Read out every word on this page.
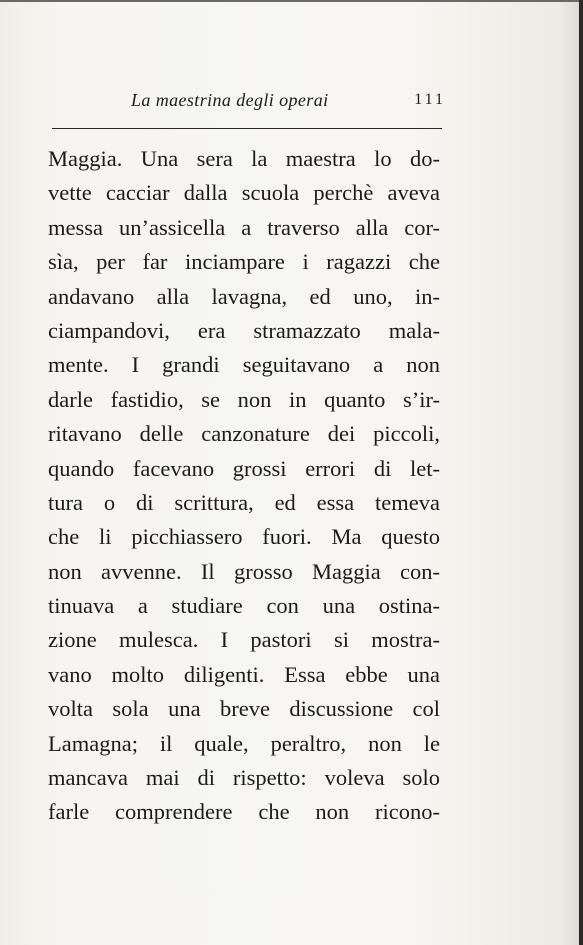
La maestrina degli operai	111
Maggia. Una sera la maestra lo do-
vette cacciar dalla scuola perchè aveva
messa un’assicella a traverso alla cor-
sìa, per far inciampare i ragazzi che
andavano alla lavagna, ed uno, in-
ciampandovi, era stramazzato mala-
mente. I grandi seguitavano a non
darle fastidio, se non in quanto s’ir-
ritavano delle canzonature dei piccoli,
quando facevano grossi errori di let-
tura o di scrittura, ed essa temeva
che li picchiassero fuori. Ma questo
non avvenne. Il grosso Maggia con-
tinuava a studiare con una ostina-
zione mulesca. I pastori si mostra-
vano molto diligenti. Essa ebbe una
volta sola una breve discussione col
Lamagna; il quale, peraltro, non le
mancava mai di rispetto: voleva solo
farle comprendere che non ricono-
